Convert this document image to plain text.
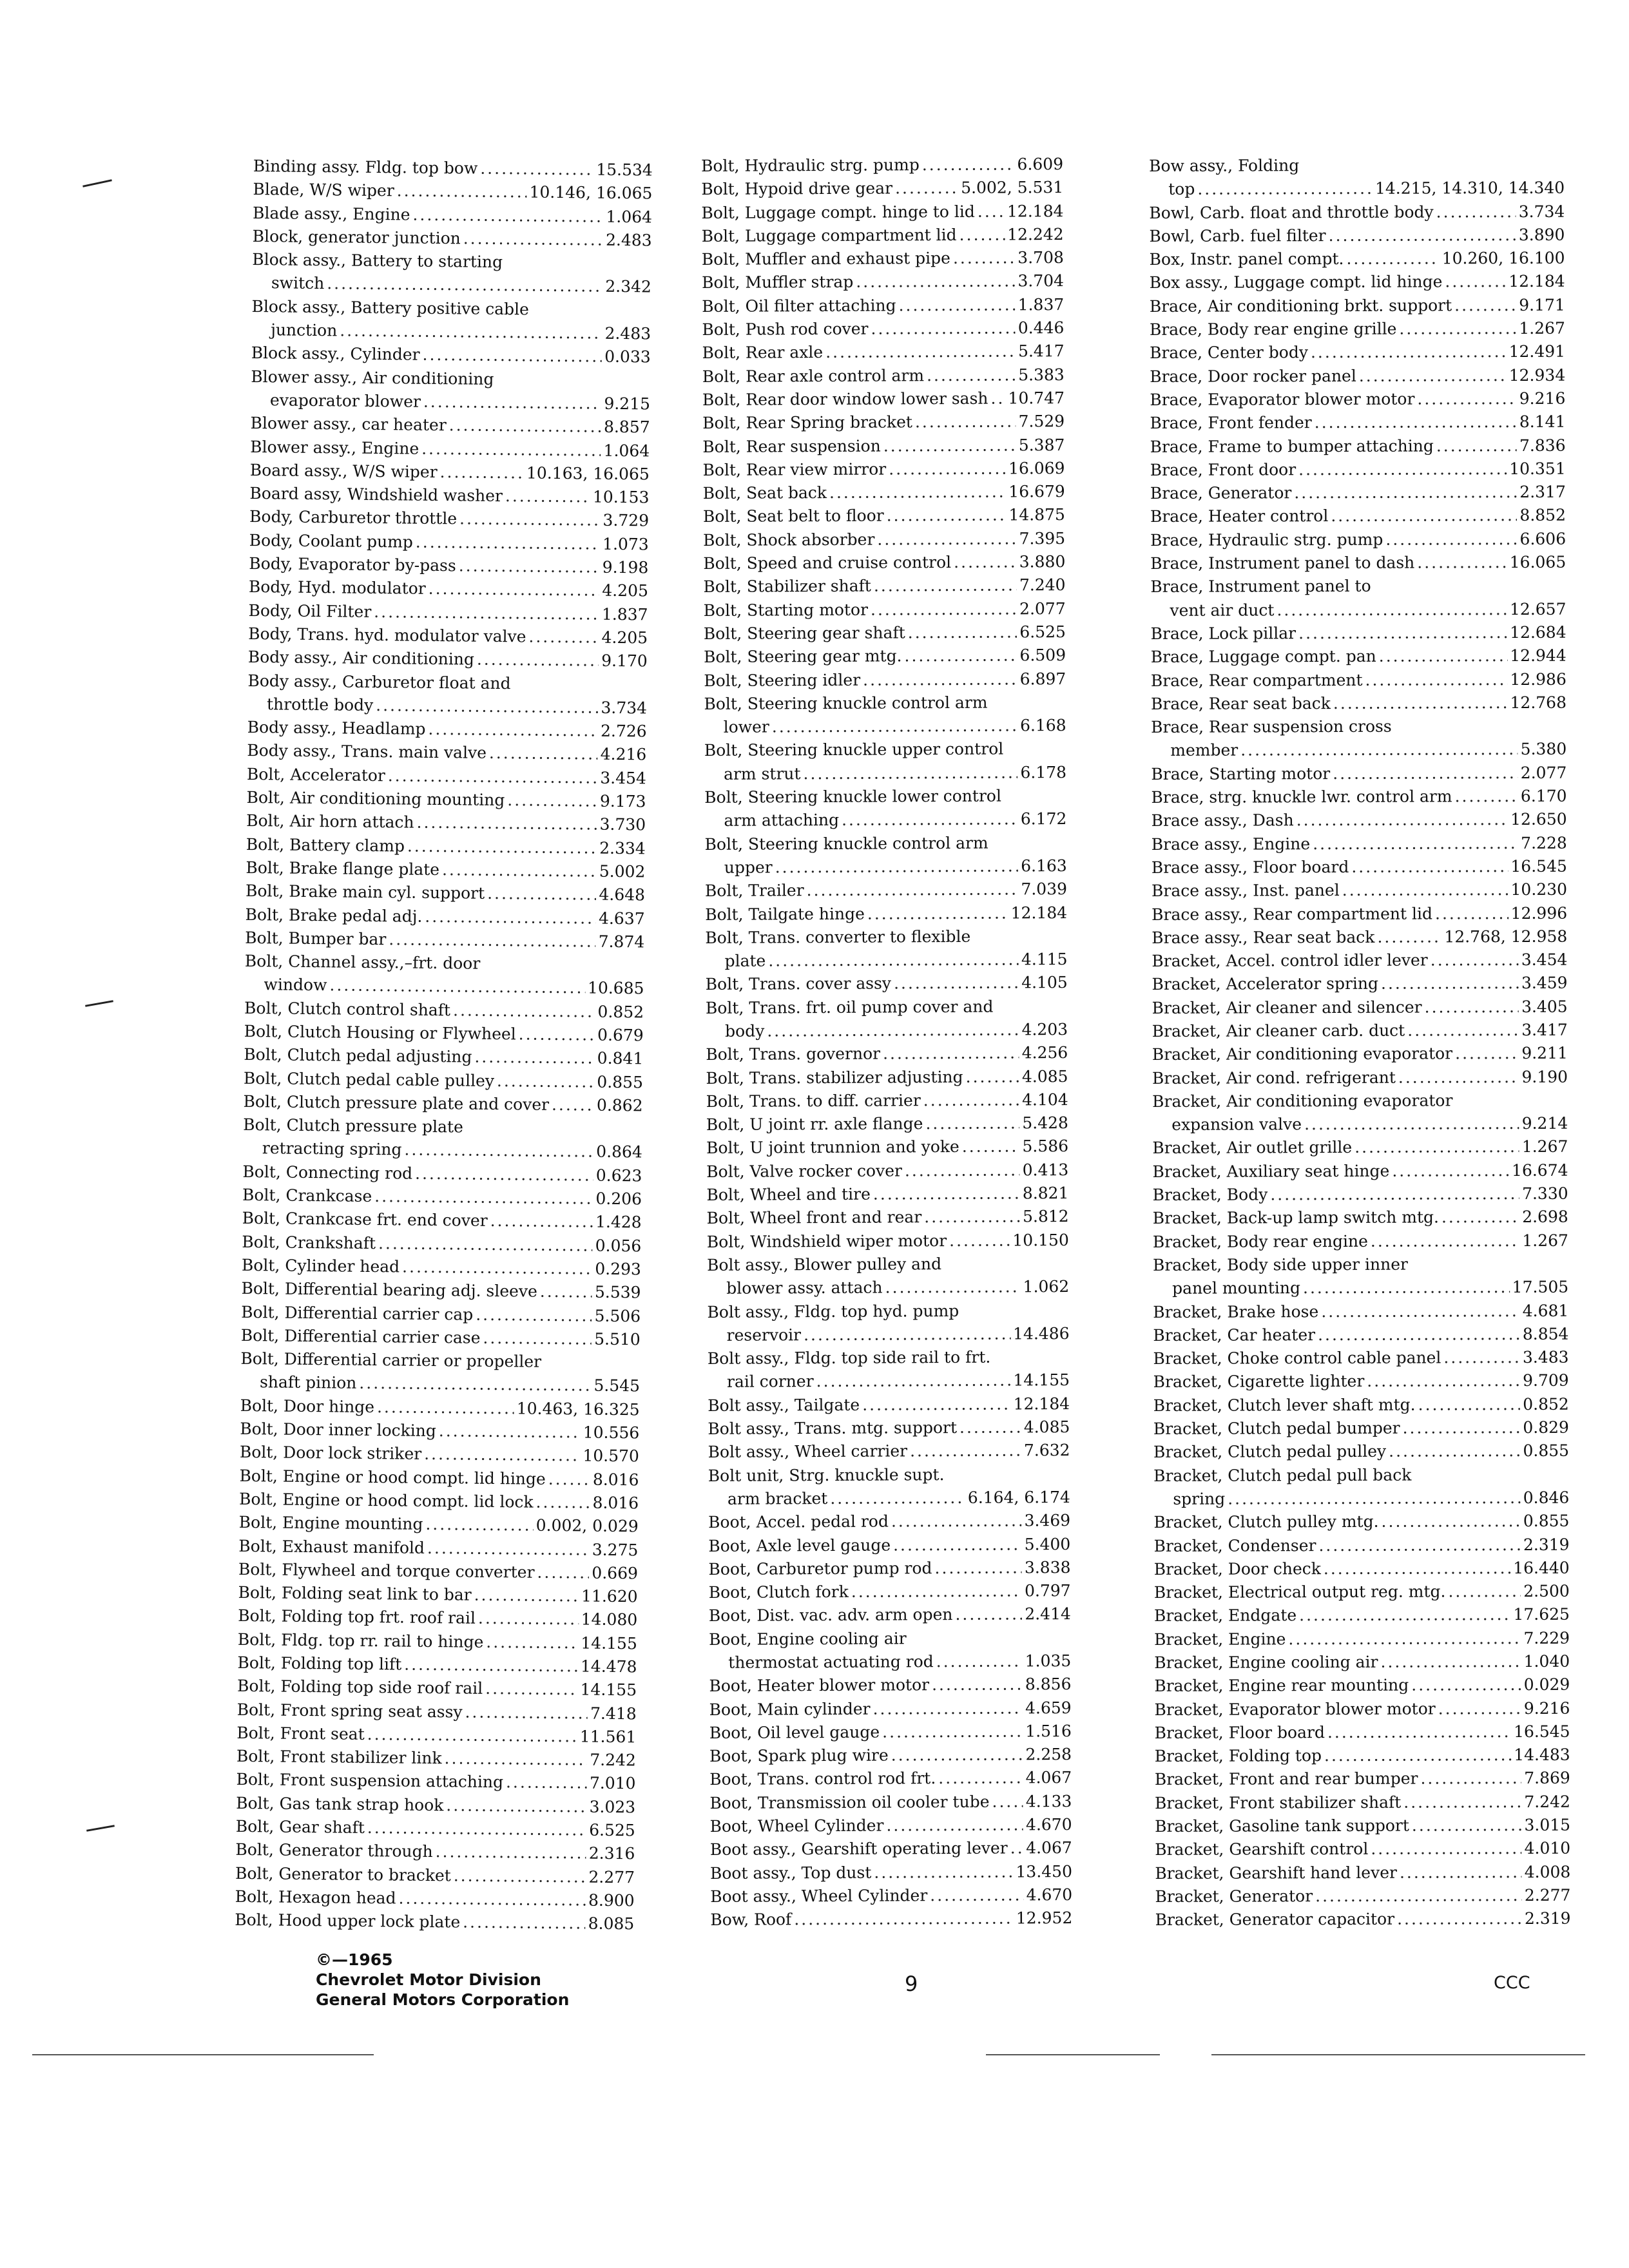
Binding assy. Fldg. top bow .....	15.534
Blade, W/S wiper .....	10.146, 16.065
Blade assy., Engine .....	1.064
Block, generator junction .....	2.483
Block assy., Battery to starting
switch .....	2.342
Block assy., Battery positive cable
junction .....	2.483
Block assy., Cylinder .....	0.033
Blower assy., Air conditioning
evaporator blower .....	9.215
Blower assy., car heater .....	8.857
Blower assy., Engine .....	1.064
Board assy., W/S wiper .....	10.163, 16.065
Board assy, Windshield washer .....	10.153
Body, Carburetor throttle .....	3.729
Body, Coolant pump .....	1.073
Body, Evaporator by-pass .....	9.198
Body, Hyd. modulator .....	4.205
Body, Oil Filter .....	1.837
Body, Trans. hyd. modulator valve .....	4.205
Body assy., Air conditioning .....	9.170
Body assy., Carburetor float and
throttle body .....	3.734
Body assy., Headlamp .....	2.726
Body assy., Trans. main valve .....	4.216
Bolt, Accelerator .....	3.454
Bolt, Air conditioning mounting .....	9.173
Bolt, Air horn attach .....	3.730
Bolt, Battery clamp .....	2.334
Bolt, Brake flange plate .....	5.002
Bolt, Brake main cyl. support .....	4.648
Bolt, Brake pedal adj. .....	4.637
Bolt, Bumper bar .....	7.874
Bolt, Channel assy.,–frt. door
window .....	10.685
Bolt, Clutch control shaft .....	0.852
Bolt, Clutch Housing or Flywheel .....	0.679
Bolt, Clutch pedal adjusting .....	0.841
Bolt, Clutch pedal cable pulley .....	0.855
Bolt, Clutch pressure plate and cover .....	0.862
Bolt, Clutch pressure plate
retracting spring .....	0.864
Bolt, Connecting rod .....	0.623
Bolt, Crankcase .....	0.206
Bolt, Crankcase frt. end cover .....	1.428
Bolt, Crankshaft .....	0.056
Bolt, Cylinder head .....	0.293
Bolt, Differential bearing adj. sleeve .....	5.539
Bolt, Differential carrier cap .....	5.506
Bolt, Differential carrier case .....	5.510
Bolt, Differential carrier or propeller
shaft pinion .....	5.545
Bolt, Door hinge .....	10.463, 16.325
Bolt, Door inner locking .....	10.556
Bolt, Door lock striker .....	10.570
Bolt, Engine or hood compt. lid hinge .....	8.016
Bolt, Engine or hood compt. lid lock .....	8.016
Bolt, Engine mounting .....	0.002, 0.029
Bolt, Exhaust manifold .....	3.275
Bolt, Flywheel and torque converter .....	0.669
Bolt, Folding seat link to bar .....	11.620
Bolt, Folding top frt. roof rail .....	14.080
Bolt, Fldg. top rr. rail to hinge .....	14.155
Bolt, Folding top lift .....	14.478
Bolt, Folding top side roof rail .....	14.155
Bolt, Front spring seat assy .....	7.418
Bolt, Front seat .....	11.561
Bolt, Front stabilizer link .....	7.242
Bolt, Front suspension attaching .....	7.010
Bolt, Gas tank strap hook .....	3.023
Bolt, Gear shaft .....	6.525
Bolt, Generator through .....	2.316
Bolt, Generator to bracket .....	2.277
Bolt, Hexagon head .....	8.900
Bolt, Hood upper lock plate .....	8.085
Bolt, Hydraulic strg. pump .....	6.609
Bolt, Hypoid drive gear .....	5.002, 5.531
Bolt, Luggage compt. hinge to lid ..... 12.184
Bolt, Luggage compartment lid .....	12.242
Bolt, Muffler and exhaust pipe .....	3.708
Bolt, Muffler strap .....	3.704
Bolt, Oil filter attaching .....	1.837
Bolt, Push rod cover .....	0.446
Bolt, Rear axle .....	5.417
Bolt, Rear axle control arm .....	5.383
Bolt, Rear door window lower sash ..... 10.747
Bolt, Rear Spring bracket .....	7.529
Bolt, Rear suspension .....	5.387
Bolt, Rear view mirror .....	16.069
Bolt, Seat back .....	16.679
Bolt, Seat belt to floor .....	14.875
Bolt, Shock absorber .....	7.395
Bolt, Speed and cruise control .....	3.880
Bolt, Stabilizer shaft .....	7.240
Bolt, Starting motor .....	2.077
Bolt, Steering gear shaft .....	6.525
Bolt, Steering gear mtg. .....	6.509
Bolt, Steering idler .....	6.897
Bolt, Steering knuckle control arm
lower .....	6.168
Bolt, Steering knuckle upper control
arm strut .....	6.178
Bolt, Steering knuckle lower control
arm attaching .....	6.172
Bolt, Steering knuckle control arm
upper .....	6.163
Bolt, Trailer .....	7.039
Bolt, Tailgate hinge .....	12.184
Bolt, Trans. converter to flexible
plate .....	4.115
Bolt, Trans. cover assy .....	4.105
Bolt, Trans. frt. oil pump cover and
body .....	4.203
Bolt, Trans. governor .....	4.256
Bolt, Trans. stabilizer adjusting .....	4.085
Bolt, Trans. to diff. carrier .....	4.104
Bolt, U joint rr. axle flange .....	5.428
Bolt, U joint trunnion and yoke .....	5.586
Bolt, Valve rocker cover .....	0.413
Bolt, Wheel and tire .....	8.821
Bolt, Wheel front and rear .....	5.812
Bolt, Windshield wiper motor .....	10.150
Bolt assy., Blower pulley and
blower assy. attach .....	1.062
Bolt assy., Fldg. top hyd. pump
reservoir .....	14.486
Bolt assy., Fldg. top side rail to frt.
rail corner .....	14.155
Bolt assy., Tailgate .....	12.184
Bolt assy., Trans. mtg. support .....	4.085
Bolt assy., Wheel carrier .....	7.632
Bolt unit, Strg. knuckle supt.
arm bracket .....	6.164, 6.174
Boot, Accel. pedal rod .....	3.469
Boot, Axle level gauge .....	5.400
Boot, Carburetor pump rod .....	3.838
Boot, Clutch fork .....	0.797
Boot, Dist. vac. adv. arm open .....	2.414
Boot, Engine cooling air
thermostat actuating rod .....	1.035
Boot, Heater blower motor .....	8.856
Boot, Main cylinder .....	4.659
Boot, Oil level gauge .....	1.516
Boot, Spark plug wire .....	2.258
Boot, Trans. control rod frt. .....	4.067
Boot, Transmission oil cooler tube ..... 4.133
Boot, Wheel Cylinder .....	4.670
Boot assy., Gearshift operating lever ..... 4.067
Boot assy., Top dust .....	13.450
Boot assy., Wheel Cylinder .....	4.670
Bow, Roof .....	12.952
Bow assy., Folding
top .....	14.215, 14.310, 14.340
Bowl, Carb. float and throttle body .....	3.734
Bowl, Carb. fuel filter .....	3.890
Box, Instr. panel compt. .....	10.260, 16.100
Box assy., Luggage compt. lid hinge .....	12.184
Brace, Air conditioning brkt. support .....	9.171
Brace, Body rear engine grille .....	1.267
Brace, Center body .....	12.491
Brace, Door rocker panel .....	12.934
Brace, Evaporator blower motor .....	9.216
Brace, Front fender .....	8.141
Brace, Frame to bumper attaching .....	7.836
Brace, Front door .....	10.351
Brace, Generator .....	2.317
Brace, Heater control .....	8.852
Brace, Hydraulic strg. pump .....	6.606
Brace, Instrument panel to dash .....	16.065
Brace, Instrument panel to
vent air duct .....	12.657
Brace, Lock pillar .....	12.684
Brace, Luggage compt. pan .....	12.944
Brace, Rear compartment .....	12.986
Brace, Rear seat back .....	12.768
Brace, Rear suspension cross
member .....	5.380
Brace, Starting motor .....	2.077
Brace, strg. knuckle lwr. control arm .....	6.170
Brace assy., Dash .....	12.650
Brace assy., Engine .....	7.228
Brace assy., Floor board .....	16.545
Brace assy., Inst. panel .....	10.230
Brace assy., Rear compartment lid .....	12.996
Brace assy., Rear seat back .....	12.768, 12.958
Bracket, Accel. control idler lever .....	3.454
Bracket, Accelerator spring .....	3.459
Bracket, Air cleaner and silencer .....	3.405
Bracket, Air cleaner carb. duct .....	3.417
Bracket, Air conditioning evaporator .....	9.211
Bracket, Air cond. refrigerant .....	9.190
Bracket, Air conditioning evaporator
expansion valve .....	9.214
Bracket, Air outlet grille .....	1.267
Bracket, Auxiliary seat hinge .....	16.674
Bracket, Body .....	7.330
Bracket, Back-up lamp switch mtg. .....	2.698
Bracket, Body rear engine .....	1.267
Bracket, Body side upper inner
panel mounting .....	17.505
Bracket, Brake hose .....	4.681
Bracket, Car heater .....	8.854
Bracket, Choke control cable panel .....	3.483
Bracket, Cigarette lighter .....	9.709
Bracket, Clutch lever shaft mtg. .....	0.852
Bracket, Clutch pedal bumper .....	0.829
Bracket, Clutch pedal pulley .....	0.855
Bracket, Clutch pedal pull back
spring .....	0.846
Bracket, Clutch pulley mtg. .....	0.855
Bracket, Condenser .....	2.319
Bracket, Door check .....	16.440
Bracket, Electrical output reg. mtg. .....	2.500
Bracket, Endgate .....	17.625
Bracket, Engine .....	7.229
Bracket, Engine cooling air .....	1.040
Bracket, Engine rear mounting .....	0.029
Bracket, Evaporator blower motor .....	9.216
Bracket, Floor board .....	16.545
Bracket, Folding top .....	14.483
Bracket, Front and rear bumper .....	7.869
Bracket, Front stabilizer shaft .....	7.242
Bracket, Gasoline tank support .....	3.015
Bracket, Gearshift control .....	4.010
Bracket, Gearshift hand lever .....	4.008
Bracket, Generator .....	2.277
Bracket, Generator capacitor .....	2.319
©—1965
Chevrolet Motor Division
General Motors Corporation
9	CCC
